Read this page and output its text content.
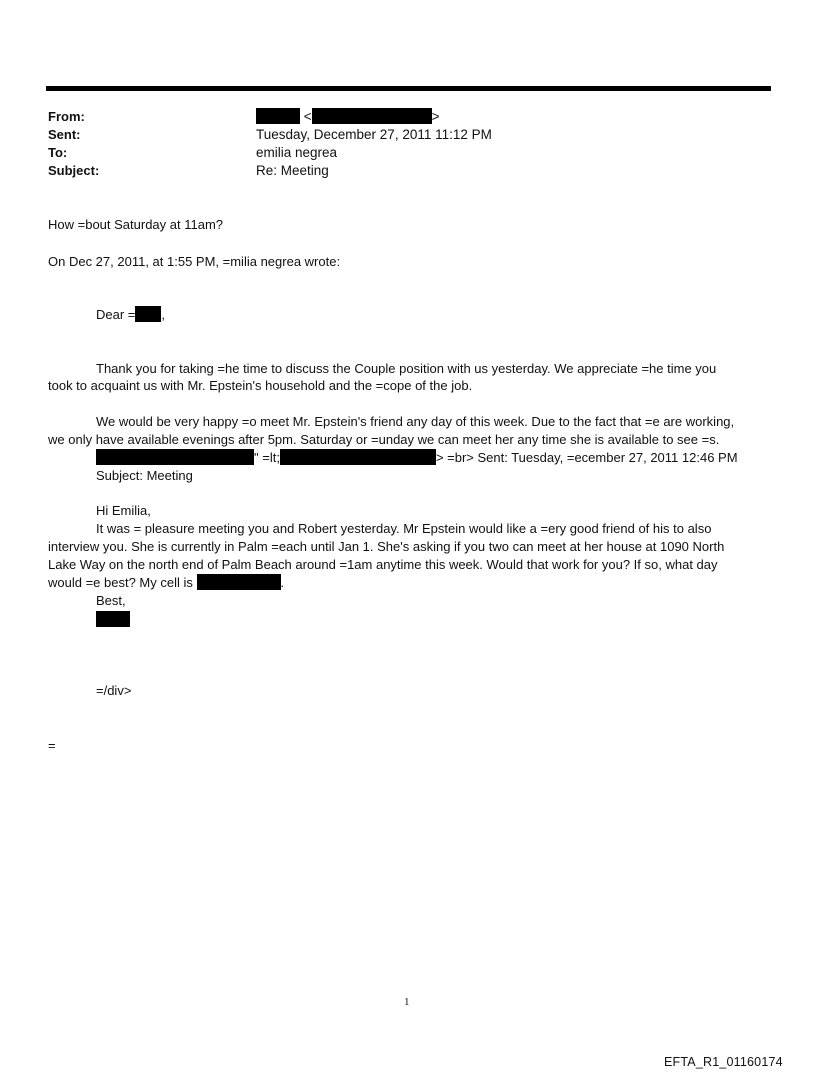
From:	<	>
Sent:	Tuesday, December 27, 2011 11:12 PM
To:	emilia negrea
Subject:	Re: Meeting
How =bout Saturday at 11am?
On Dec 27, 2011, at 1:55 PM, =milia negrea wrote:
Dear = ,
Thank you for taking =he time to discuss the Couple position with us yesterday. We appreciate =he time you
took to acquaint us with Mr. Epstein's household and the =cope of the job.
We would be very happy =o meet Mr. Epstein's friend any day of this week. Due to the fact that =e are working,
we only have available evenings after 5pm. Saturday or =unday we can meet her any time she is available to see =s.
" =lt;	> =br> Sent: Tuesday, =ecember 27, 2011 12:46 PM
Subject: Meeting
Hi Emilia,
It was = pleasure meeting you and Robert yesterday. Mr Epstein would like a =ery good friend of his to also
interview you. She is currently in Palm =each until Jan 1. She's asking if you two can meet at her house at 1090 North
Lake Way on the north end of Palm Beach around =1am anytime this week. Would that work for you? If so, what day
would =e best? My cell is	.
Best,
=/div>
=
1
EFTA_R1_01160174
